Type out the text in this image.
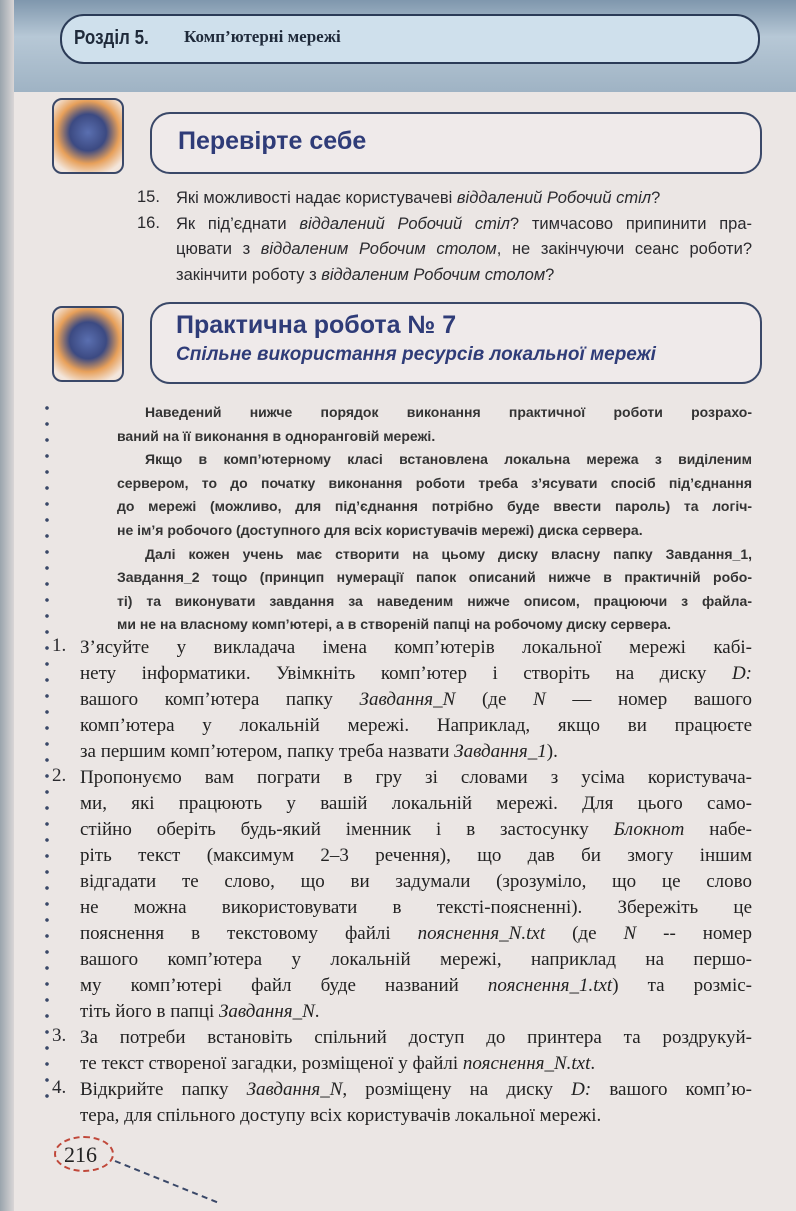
Розділ 5. Комп’ютерні мережі
Перевірте себе
15. Які можливості надає користувачеві віддалений Робочий стіл?
16. Як під’єднати віддалений Робочий стіл? тимчасово припинити пра-
цювати з віддаленим Робочим столом, не закінчуючи сеанс роботи?
закінчити роботу з віддаленим Робочим столом?
Практична робота № 7
Спільне використання ресурсів локальної мережі
Наведений нижче порядок виконання практичної роботи розрахо-
ваний на її виконання в одноранговій мережі.
Якщо в комп’ютерному класі встановлена локальна мережа з виділеним
сервером, то до початку виконання роботи треба з’ясувати спосіб під’єднання
до мережі (можливо, для під’єднання потрібно буде ввести пароль) та логіч-
не ім’я робочого (доступного для всіх користувачів мережі) диска сервера.
Далі кожен учень має створити на цьому диску власну папку Завдання_1,
Завдання_2 тощо (принцип нумерації папок описаний нижче в практичній робо-
ті) та виконувати завдання за наведеним нижче описом, працюючи з файла-
ми не на власному комп’ютері, а в створеній папці на робочому диску сервера.
1. З’ясуйте у викладача імена комп’ютерів локальної мережі кабі-
нету інформатики. Увімкніть комп’ютер і створіть на диску D:
вашого комп’ютера папку Завдання_N (де N — номер вашого
комп’ютера у локальній мережі. Наприклад, якщо ви працюєте
за першим комп’ютером, папку треба назвати Завдання_1).
2. Пропонуємо вам пограти в гру зі словами з усіма користувача-
ми, які працюють у вашій локальній мережі. Для цього само-
стійно оберіть будь-який іменник і в застосунку Блокнот набе-
ріть текст (максимум 2–3 речення), що дав би змогу іншим
відгадати те слово, що ви задумали (зрозуміло, що це слово
не можна використовувати в тексті-поясненні). Збережіть це
пояснення в текстовому файлі пояснення_N.txt (де N -- номер
вашого комп’ютера у локальній мережі, наприклад на першо-
му комп’ютері файл буде названий пояснення_1.txt) та розміс-
тіть його в папці Завдання_N.
3. За потреби встановіть спільний доступ до принтера та роздрукуй-
те текст створеної загадки, розміщеної у файлі пояснення_N.txt.
4. Відкрийте папку Завдання_N, розміщену на диску D: вашого комп’ю-
тера, для спільного доступу всіх користувачів локальної мережі.
216
